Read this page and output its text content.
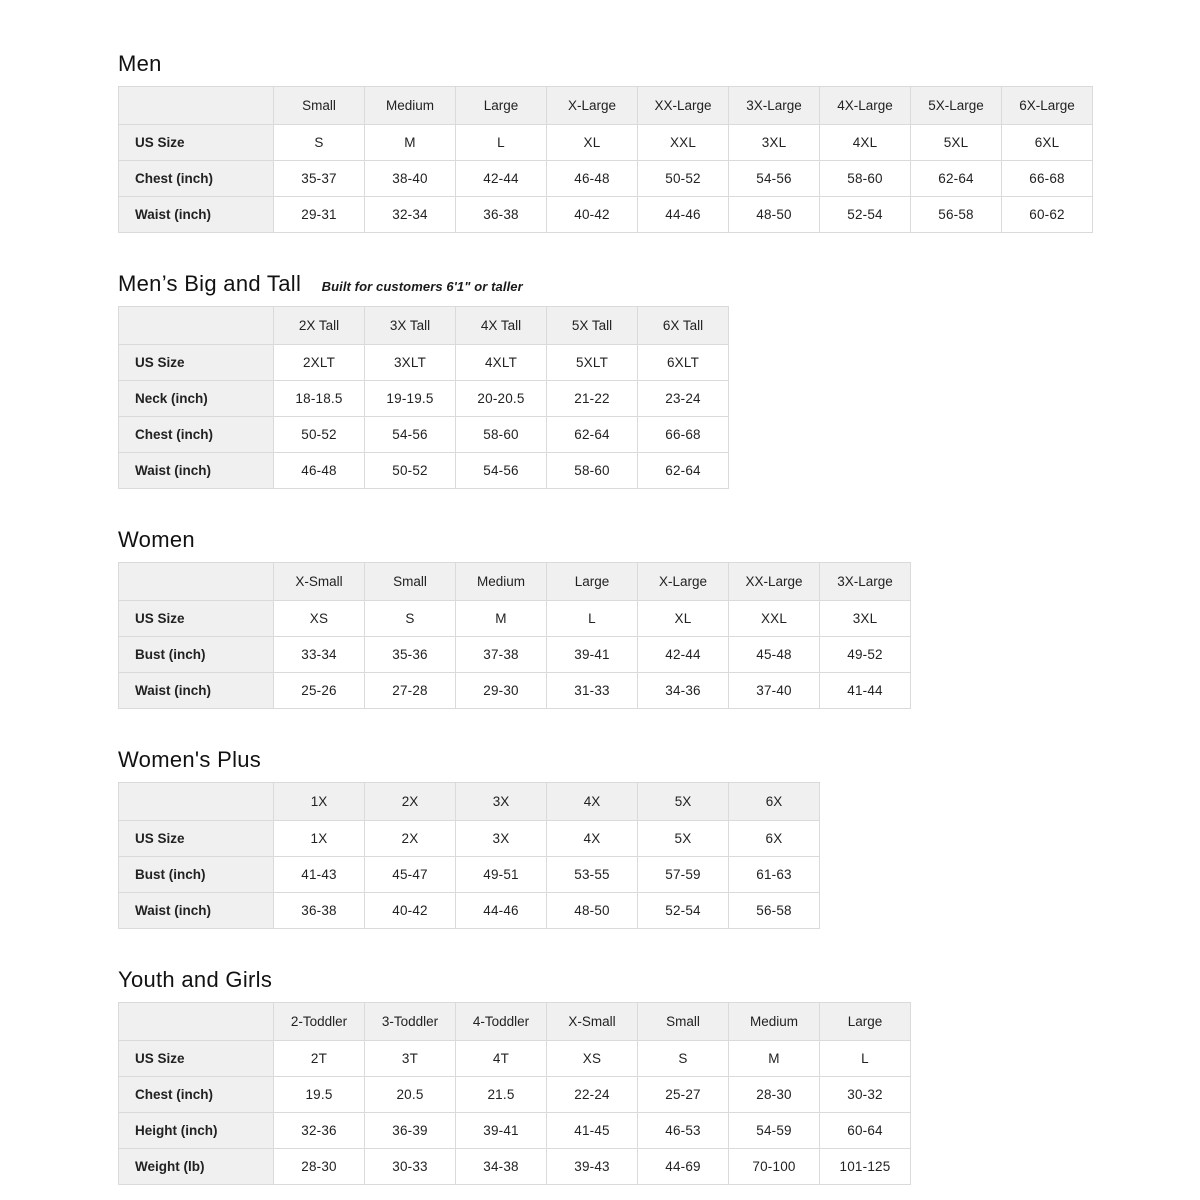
Men
	Small	Medium	Large	X-Large	XX-Large	3X-Large	4X-Large	5X-Large	6X-Large
US Size	S	M	L	XL	XXL	3XL	4XL	5XL	6XL
Chest (inch)	35-37	38-40	42-44	46-48	50-52	54-56	58-60	62-64	66-68
Waist (inch)	29-31	32-34	36-38	40-42	44-46	48-50	52-54	56-58	60-62
Men’s Big and Tall Built for customers 6'1" or taller
	2X Tall	3X Tall	4X Tall	5X Tall	6X Tall
US Size	2XLT	3XLT	4XLT	5XLT	6XLT
Neck (inch)	18-18.5	19-19.5	20-20.5	21-22	23-24
Chest (inch)	50-52	54-56	58-60	62-64	66-68
Waist (inch)	46-48	50-52	54-56	58-60	62-64
Women
	X-Small	Small	Medium	Large	X-Large	XX-Large	3X-Large
US Size	XS	S	M	L	XL	XXL	3XL
Bust (inch)	33-34	35-36	37-38	39-41	42-44	45-48	49-52
Waist (inch)	25-26	27-28	29-30	31-33	34-36	37-40	41-44
Women's Plus
	1X	2X	3X	4X	5X	6X
US Size	1X	2X	3X	4X	5X	6X
Bust (inch)	41-43	45-47	49-51	53-55	57-59	61-63
Waist (inch)	36-38	40-42	44-46	48-50	52-54	56-58
Youth and Girls
	2-Toddler	3-Toddler	4-Toddler	X-Small	Small	Medium	Large
US Size	2T	3T	4T	XS	S	M	L
Chest (inch)	19.5	20.5	21.5	22-24	25-27	28-30	30-32
Height (inch)	32-36	36-39	39-41	41-45	46-53	54-59	60-64
Weight (lb)	28-30	30-33	34-38	39-43	44-69	70-100	101-125
